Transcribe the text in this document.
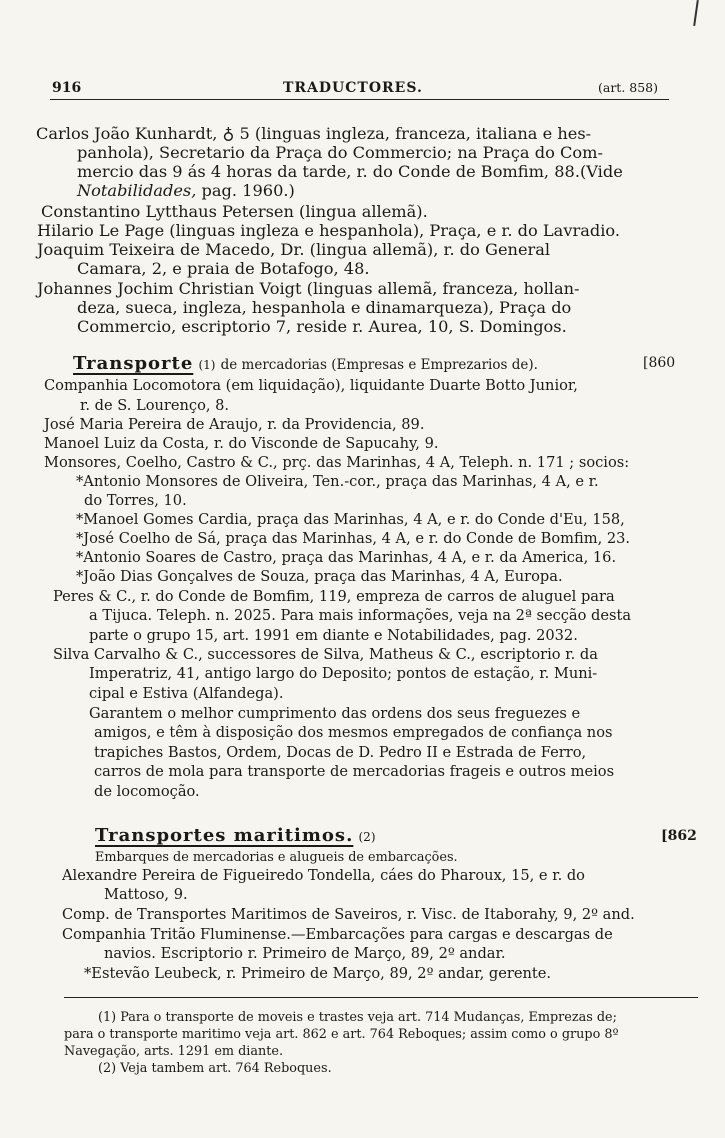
916	TRADUCTORES.	(art. 858)
Carlos João Kunhardt, ♁ 5 (linguas ingleza, franceza, italiana e hes-
panhola), Secretario da Praça do Commercio; na Praça do Com-
mercio das 9 ás 4 horas da tarde, r. do Conde de Bomfim, 88.(Vide
Notabilidades, pag. 1960.)
Constantino Lytthaus Petersen (lingua allemã).
Hilario Le Page (linguas ingleza e hespanhola), Praça, e r. do Lavradio.
Joaquim Teixeira de Macedo, Dr. (lingua allemã), r. do General
Camara, 2, e praia de Botafogo, 48.
Johannes Jochim Christian Voigt (linguas allemã, franceza, hollan-
deza, sueca, ingleza, hespanhola e dinamarqueza), Praça do
Commercio, escriptorio 7, reside r. Aurea, 10, S. Domingos.
Transporte (1) de mercadorias (Empresas e Emprezarios de).	[860
Companhia Locomotora (em liquidação), liquidante Duarte Botto Junior,
r. de S. Lourenço, 8.
José Maria Pereira de Araujo, r. da Providencia, 89.
Manoel Luiz da Costa, r. do Visconde de Sapucahy, 9.
Monsores, Coelho, Castro & C., prç. das Marinhas, 4 A, Teleph. n. 171 ; socios:
*Antonio Monsores de Oliveira, Ten.-cor., praça das Marinhas, 4 A, e r.
do Torres, 10.
*Manoel Gomes Cardia, praça das Marinhas, 4 A, e r. do Conde d'Eu, 158,
*José Coelho de Sá, praça das Marinhas, 4 A, e r. do Conde de Bomfim, 23.
*Antonio Soares de Castro, praça das Marinhas, 4 A, e r. da America, 16.
*João Dias Gonçalves de Souza, praça das Marinhas, 4 A, Europa.
Peres & C., r. do Conde de Bomfim, 119, empreza de carros de aluguel para
a Tijuca. Teleph. n. 2025. Para mais informações, veja na 2ª secção desta
parte o grupo 15, art. 1991 em diante e Notabilidades, pag. 2032.
Silva Carvalho & C., successores de Silva, Matheus & C., escriptorio r. da
Imperatriz, 41, antigo largo do Deposito; pontos de estação, r. Muni-
cipal e Estiva (Alfandega).
Garantem o melhor cumprimento das ordens dos seus freguezes e
amigos, e têm à disposição dos mesmos empregados de confiança nos
trapiches Bastos, Ordem, Docas de D. Pedro II e Estrada de Ferro,
carros de mola para transporte de mercadorias frageis e outros meios
de locomoção.
Transportes maritimos. (2)	[862
Embarques de mercadorias e alugueis de embarcações.
Alexandre Pereira de Figueiredo Tondella, cáes do Pharoux, 15, e r. do
Mattoso, 9.
Comp. de Transportes Maritimos de Saveiros, r. Visc. de Itaborahy, 9, 2º and.
Companhia Tritão Fluminense.—Embarcações para cargas e descargas de
navios. Escriptorio r. Primeiro de Março, 89, 2º andar.
*Estevão Leubeck, r. Primeiro de Março, 89, 2º andar, gerente.
(1) Para o transporte de moveis e trastes veja art. 714 Mudanças, Emprezas de;
para o transporte maritimo veja art. 862 e art. 764 Reboques; assim como o grupo 8º
Navegação, arts. 1291 em diante.
(2) Veja tambem art. 764 Reboques.
